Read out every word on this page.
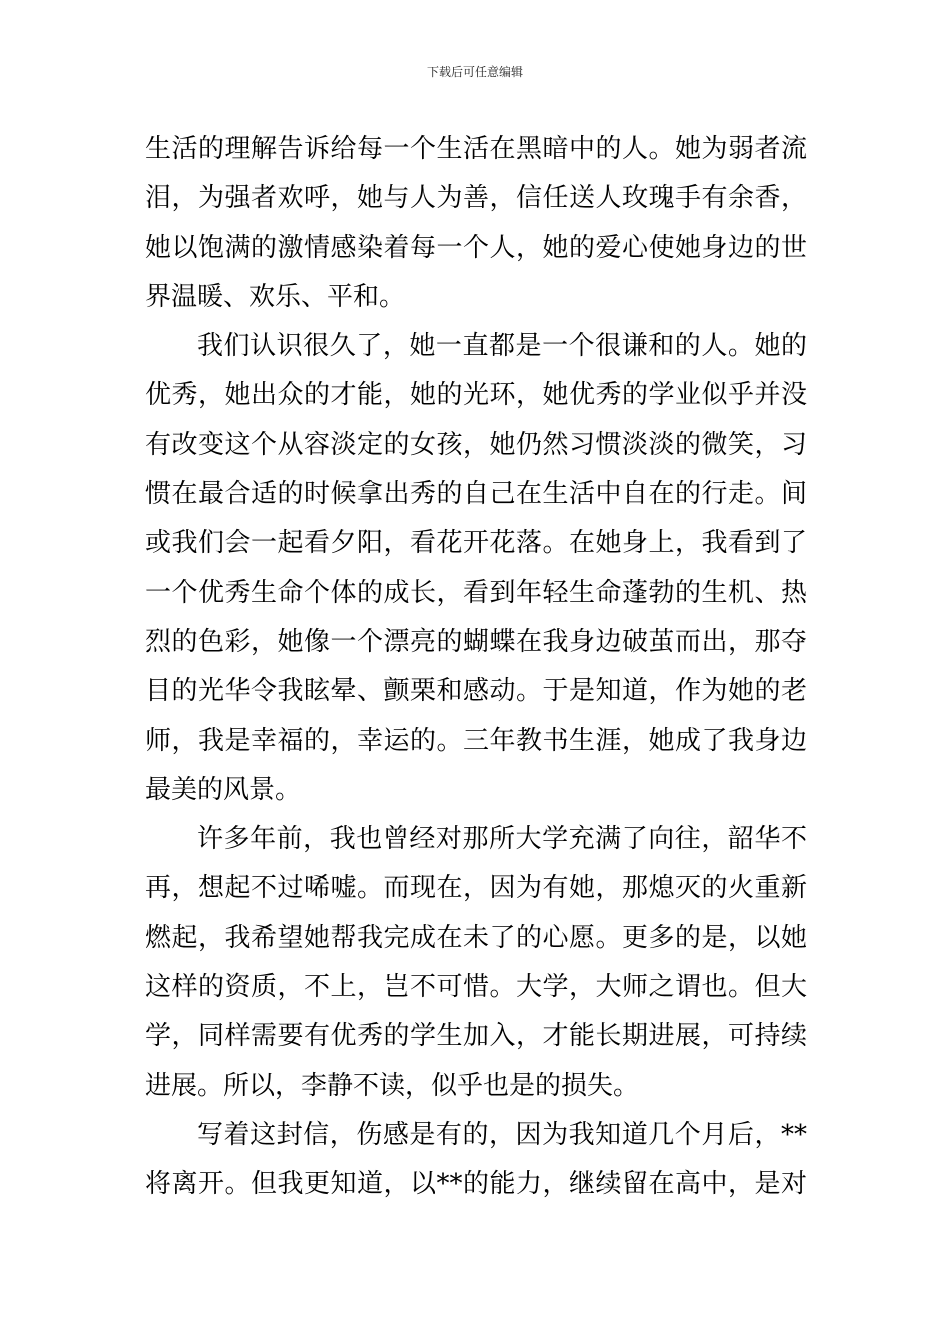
下载后可任意编辑
生活的理解告诉给每一个生活在黑暗中的人。她为弱者流
泪，为强者欢呼，她与人为善，信任送人玫瑰手有余香，
她以饱满的激情感染着每一个人，她的爱心使她身边的世
界温暖、欢乐、平和。
我们认识很久了，她一直都是一个很谦和的人。她的
优秀，她出众的才能，她的光环，她优秀的学业似乎并没
有改变这个从容淡定的女孩，她仍然习惯淡淡的微笑，习
惯在最合适的时候拿出秀的自己在生活中自在的行走。间
或我们会一起看夕阳，看花开花落。在她身上，我看到了
一个优秀生命个体的成长，看到年轻生命蓬勃的生机、热
烈的色彩，她像一个漂亮的蝴蝶在我身边破茧而出，那夺
目的光华令我眩晕、颤栗和感动。于是知道，作为她的老
师，我是幸福的，幸运的。三年教书生涯，她成了我身边
最美的风景。
许多年前，我也曾经对那所大学充满了向往，韶华不
再，想起不过唏嘘。而现在，因为有她，那熄灭的火重新
燃起，我希望她帮我完成在未了的心愿。更多的是，以她
这样的资质，不上，岂不可惜。大学，大师之谓也。但大
学，同样需要有优秀的学生加入，才能长期进展，可持续
进展。所以，李静不读，似乎也是的损失。
写着这封信，伤感是有的，因为我知道几个月后，**
将离开。但我更知道，以**的能力，继续留在高中，是对
